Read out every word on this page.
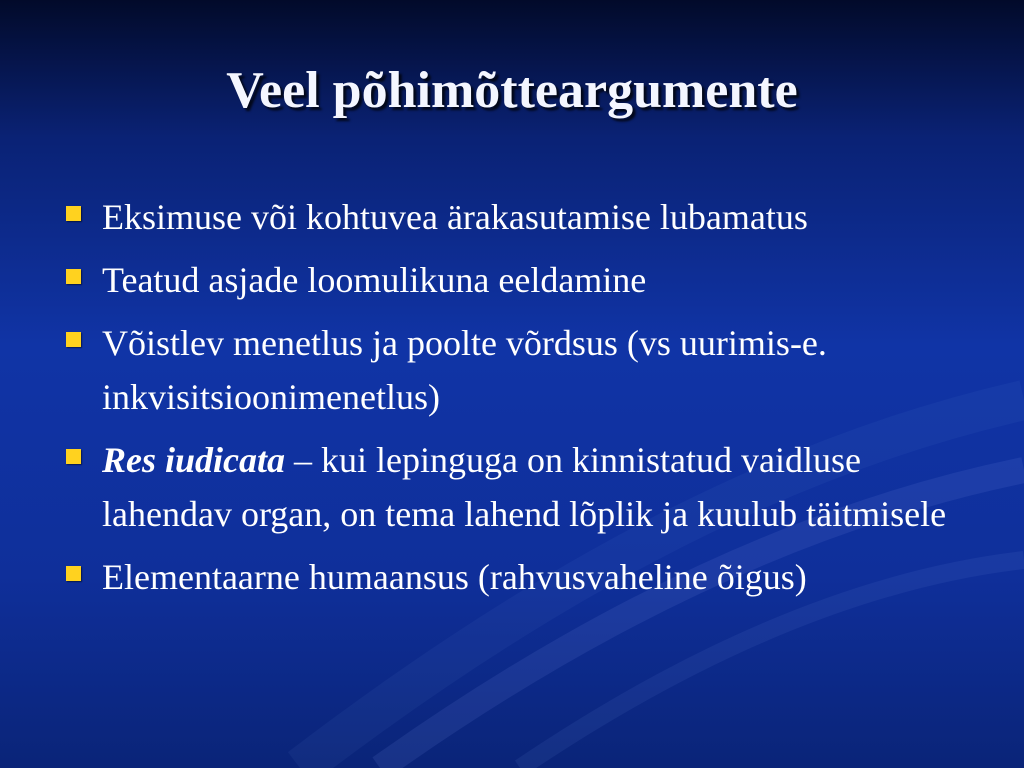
Veel põhimõtteargumente
Eksimuse või kohtuvea ärakasutamise lubamatus
Teatud asjade loomulikuna eeldamine
Võistlev menetlus ja poolte võrdsus (vs uurimis-e. inkvisitsioonimenetlus)
Res iudicata – kui lepinguga on kinnistatud vaidluse lahendav organ, on tema lahend lõplik ja kuulub täitmisele
Elementaarne humaansus (rahvusvaheline õigus)
